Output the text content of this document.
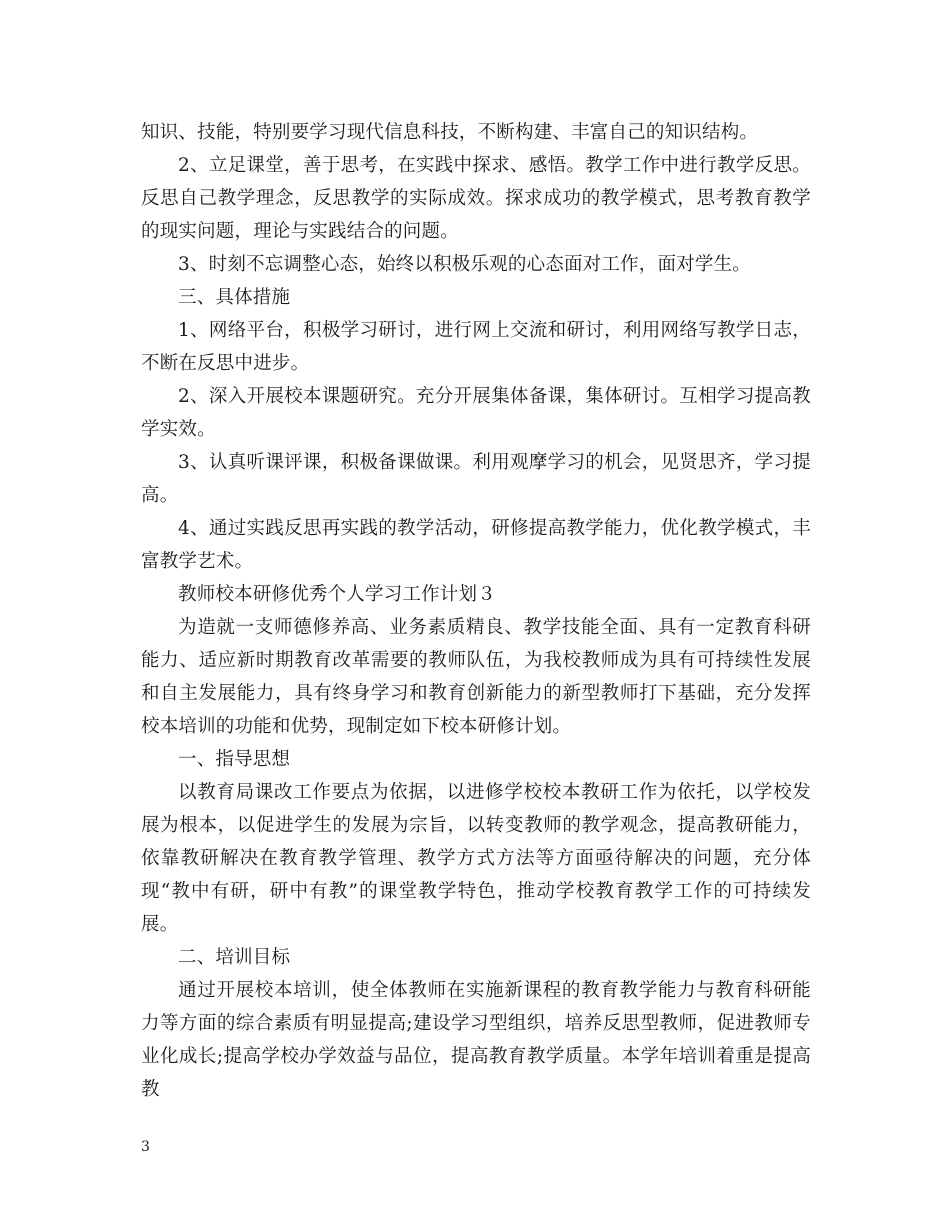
知识、技能，特别要学习现代信息科技，不断构建、丰富自己的知识结构。

2、立足课堂，善于思考，在实践中探求、感悟。教学工作中进行教学反思。反思自己教学理念，反思教学的实际成效。探求成功的教学模式，思考教育教学的现实问题，理论与实践结合的问题。

3、时刻不忘调整心态，始终以积极乐观的心态面对工作，面对学生。

三、具体措施

1、网络平台，积极学习研讨，进行网上交流和研讨，利用网络写教学日志，不断在反思中进步。

2、深入开展校本课题研究。充分开展集体备课，集体研讨。互相学习提高教学实效。

3、认真听课评课，积极备课做课。利用观摩学习的机会，见贤思齐，学习提高。

4、通过实践反思再实践的教学活动，研修提高教学能力，优化教学模式，丰富教学艺术。

教师校本研修优秀个人学习工作计划３

为造就一支师德修养高、业务素质精良、教学技能全面、具有一定教育科研能力、适应新时期教育改革需要的教师队伍，为我校教师成为具有可持续性发展和自主发展能力，具有终身学习和教育创新能力的新型教师打下基础，充分发挥校本培训的功能和优势，现制定如下校本研修计划。

一、指导思想

以教育局课改工作要点为依据，以进修学校校本教研工作为依托，以学校发展为根本，以促进学生的发展为宗旨，以转变教师的教学观念，提高教研能力，依靠教研解决在教育教学管理、教学方式方法等方面亟待解决的问题，充分体现“教中有研，研中有教”的课堂教学特色，推动学校教育教学工作的可持续发展。

二、培训目标

通过开展校本培训，使全体教师在实施新课程的教育教学能力与教育科研能力等方面的综合素质有明显提高;建设学习型组织，培养反思型教师，促进教师专业化成长;提高学校办学效益与品位，提高教育教学质量。本学年培训着重是提高教

3
